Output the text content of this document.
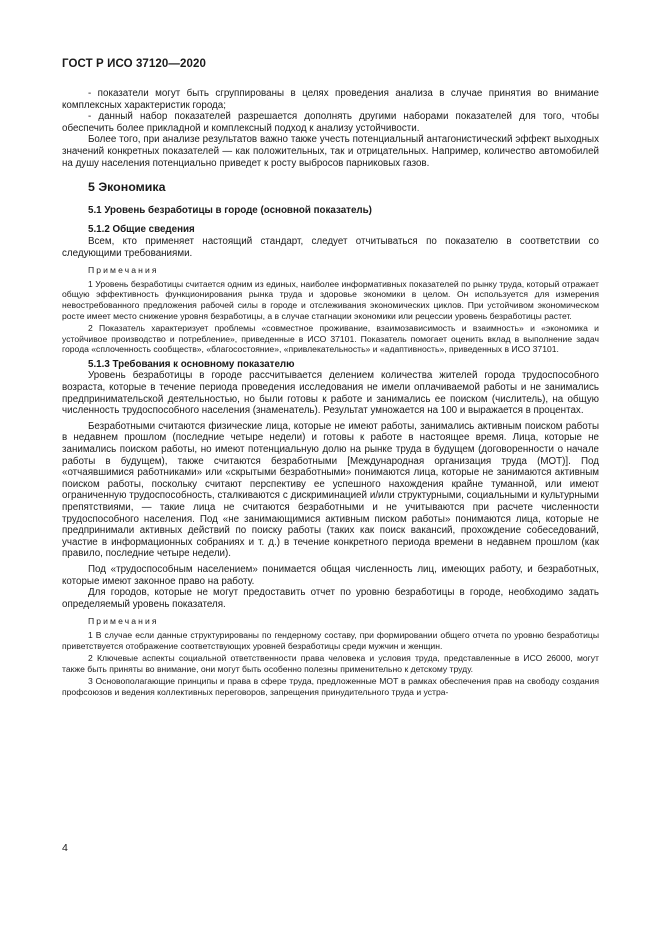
ГОСТ Р ИСО 37120—2020

- показатели могут быть сгруппированы в целях проведения анализа в случае принятия во внимание комплексных характеристик города;

- данный набор показателей разрешается дополнять другими наборами показателей для того, чтобы обеспечить более прикладной и комплексный подход к анализу устойчивости.

Более того, при анализе результатов важно также учесть потенциальный антагонистический эффект выходных значений конкретных показателей — как положительных, так и отрицательных. Например, количество автомобилей на душу населения потенциально приведет к росту выбросов парниковых газов.

5 Экономика
5.1 Уровень безработицы в городе (основной показатель)
5.1.2 Общие сведения

Всем, кто применяет настоящий стандарт, следует отчитываться по показателю в соответствии со следующими требованиями.

Примечания

1 Уровень безработицы считается одним из единых, наиболее информативных показателей по рынку труда, который отражает общую эффективность функционирования рынка труда и здоровье экономики в целом. Он используется для измерения невостребованного предложения рабочей силы в городе и отслеживания экономических циклов. При устойчивом экономическом росте имеет место снижение уровня безработицы, а в случае стагнации экономики или рецессии уровень безработицы растет.

2 Показатель характеризует проблемы «совместное проживание, взаимозависимость и взаимность» и «экономика и устойчивое производство и потребление», приведенные в ИСО 37101. Показатель помогает оценить вклад в выполнение задач города «сплоченность сообществ», «благосостояние», «привлекательность» и «адаптивность», приведенных в ИСО 37101.

5.1.3 Требования к основному показателю

Уровень безработицы в городе рассчитывается делением количества жителей города трудоспособного возраста, которые в течение периода проведения исследования не имели оплачиваемой работы и не занимались предпринимательской деятельностью, но были готовы к работе и занимались ее поиском (числитель), на общую численность трудоспособного населения (знаменатель). Результат умножается на 100 и выражается в процентах.

Безработными считаются физические лица, которые не имеют работы, занимались активным поиском работы в недавнем прошлом (последние четыре недели) и готовы к работе в настоящее время. Лица, которые не занимались поиском работы, но имеют потенциальную долю на рынке труда в будущем (договоренности о начале работы в будущем), также считаются безработными [Международная организация труда (МОТ)]. Под «отчаявшимися работниками» или «скрытыми безработными» понимаются лица, которые не занимаются активным поиском работы, поскольку считают перспективу ее успешного нахождения крайне туманной, или имеют ограниченную трудоспособность, сталкиваются с дискриминацией и/или структурными, социальными и культурными препятствиями, — такие лица не считаются безработными и не учитываются при расчете численности трудоспособного населения. Под «не занимающимися активным писком работы» понимаются лица, которые не предпринимали активных действий по поиску работы (таких как поиск вакансий, прохождение собеседований, участие в информационных собраниях и т. д.) в течение конкретного периода времени в недавнем прошлом (как правило, последние четыре недели).

Под «трудоспособным населением» понимается общая численность лиц, имеющих работу, и безработных, которые имеют законное право на работу.

Для городов, которые не могут предоставить отчет по уровню безработицы в городе, необходимо задать определяемый уровень показателя.

Примечания

1 В случае если данные структурированы по гендерному составу, при формировании общего отчета по уровню безработицы приветствуется отображение соответствующих уровней безработицы среди мужчин и женщин.

2 Ключевые аспекты социальной ответственности права человека и условия труда, представленные в ИСО 26000, могут также быть приняты во внимание, они могут быть особенно полезны применительно к детскому труду.

3 Основополагающие принципы и права в сфере труда, предложенные МОТ в рамках обеспечения прав на свободу создания профсоюзов и ведения коллективных переговоров, запрещения принудительного труда и устра-

4
